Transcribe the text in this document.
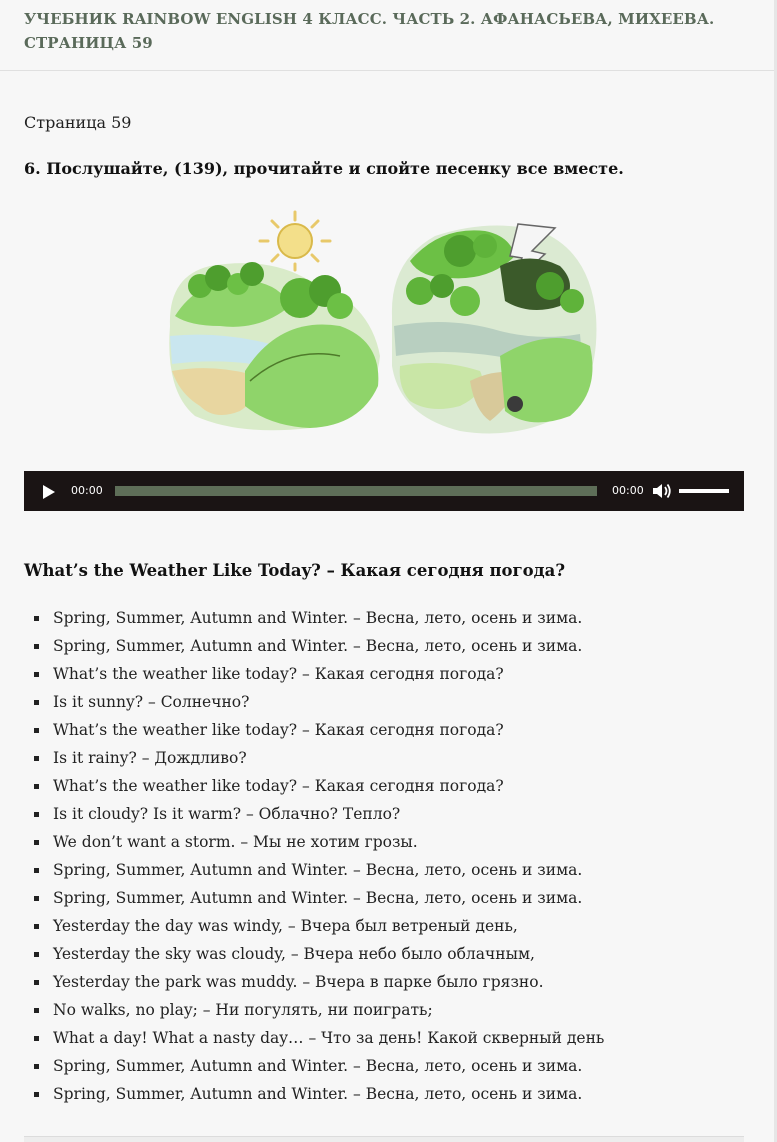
УЧЕБНИК RAINBOW ENGLISH 4 КЛАСС. ЧАСТЬ 2. АФАНАСЬЕВА, МИХЕЕВА. СТРАНИЦА 59
Страница 59
6. Послушайте, (139), прочитайте и спойте песенку все вместе.
00:00	00:00
What’s the Weather Like Today? – Какая сегодня погода?
Spring, Summer, Autumn and Winter. – Весна, лето, осень и зима.
Spring, Summer, Autumn and Winter. – Весна, лето, осень и зима.
What’s the weather like today? – Какая сегодня погода?
Is it sunny? – Солнечно?
What’s the weather like today? – Какая сегодня погода?
Is it rainy? – Дождливо?
What’s the weather like today? – Какая сегодня погода?
Is it cloudy? Is it warm? – Облачно? Тепло?
We don’t want a storm. – Мы не хотим грозы.
Spring, Summer, Autumn and Winter. – Весна, лето, осень и зима.
Spring, Summer, Autumn and Winter. – Весна, лето, осень и зима.
Yesterday the day was windy, – Вчера был ветреный день,
Yesterday the sky was cloudy, – Вчера небо было облачным,
Yesterday the park was muddy. – Вчера в парке было грязно.
No walks, no play; – Ни погулять, ни поиграть;
What a day! What a nasty day… – Что за день! Какой скверный день
Spring, Summer, Autumn and Winter. – Весна, лето, осень и зима.
Spring, Summer, Autumn and Winter. – Весна, лето, осень и зима.
